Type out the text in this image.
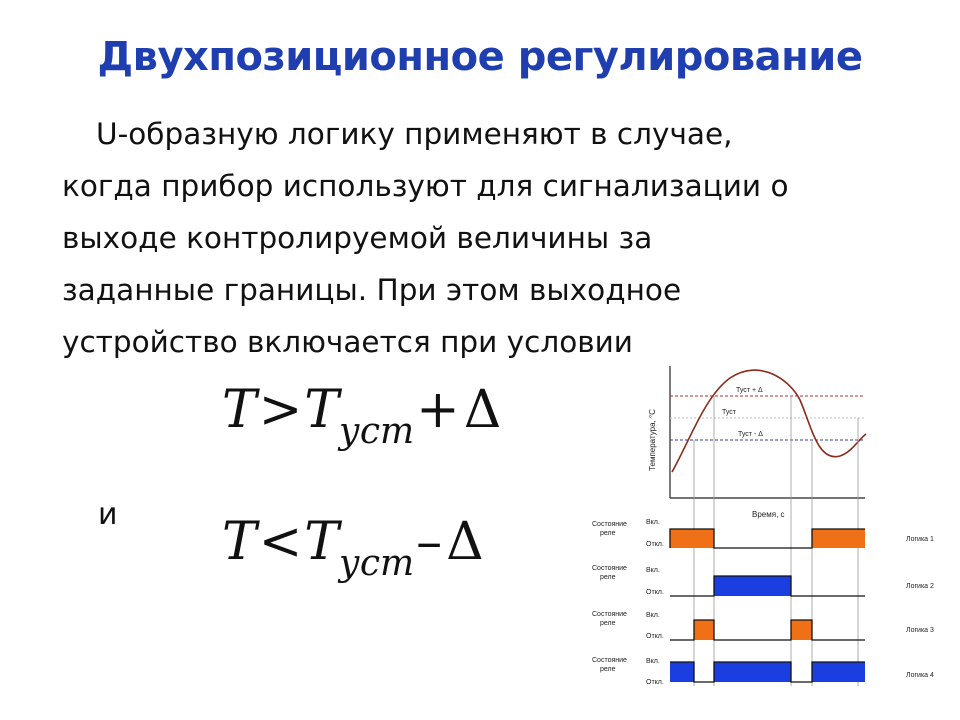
Двухпозиционное регулирование
U-образную логику применяют в случае,
когда прибор используют для сигнализации о
выходе контролируемой величины за
заданные границы. При этом выходное
устройство включается при условии
T>Tуст+Δ
и T<Tуст–Δ
Температура, °С
Время, с
Туст + Δ
Туст
Туст - Δ
Состояние
реле
Вкл.
Откл.
Логика 1
Состояние
реле
Вкл.
Откл.
Логика 2
Состояние
реле
Вкл.
Откл.
Логика 3
Состояние
реле
Вкл.
Откл.
Логика 4
